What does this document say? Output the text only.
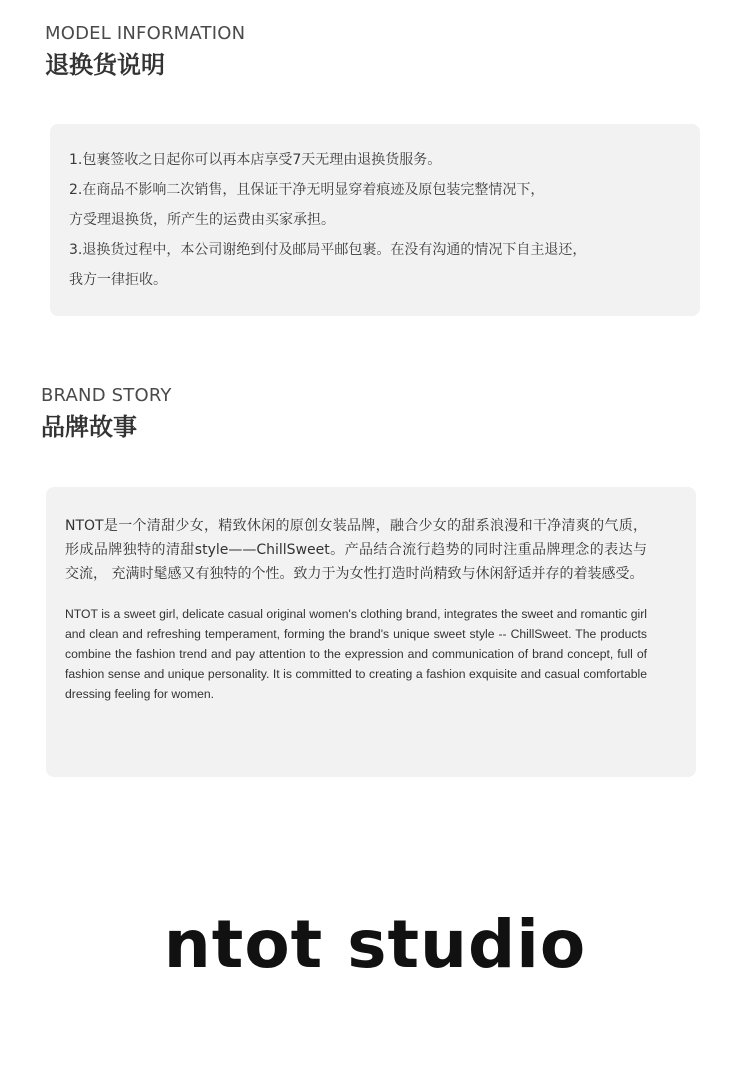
MODEL INFORMATION
退换货说明
1.包裹签收之日起你可以再本店享受7天无理由退换货服务。
2.在商品不影响二次销售，且保证干净无明显穿着痕迹及原包装完整情况下，
方受理退换货，所产生的运费由买家承担。
3.退换货过程中，本公司谢绝到付及邮局平邮包裹。在没有沟通的情况下自主退还，
我方一律拒收。
BRAND STORY
品牌故事

NTOT是一个清甜少女，精致休闲的原创女装品牌，融合少女的甜系浪漫和干净清爽的气质，形成品牌独特的清甜style——ChillSweet。产品结合流行趋势的同时注重品牌理念的表达与交流， 充满时髦感又有独特的个性。致力于为女性打造时尚精致与休闲舒适并存的着装感受。

NTOT is a sweet girl, delicate casual original women's clothing brand, integrates the sweet and romantic girl and clean and refreshing temperament, forming the brand's unique sweet style -- ChillSweet. The products combine the fashion trend and pay attention to the expression and communication of brand concept, full of fashion sense and unique personality. It is committed to creating a fashion exquisite and casual comfortable dressing feeling for women.

ntot studio
